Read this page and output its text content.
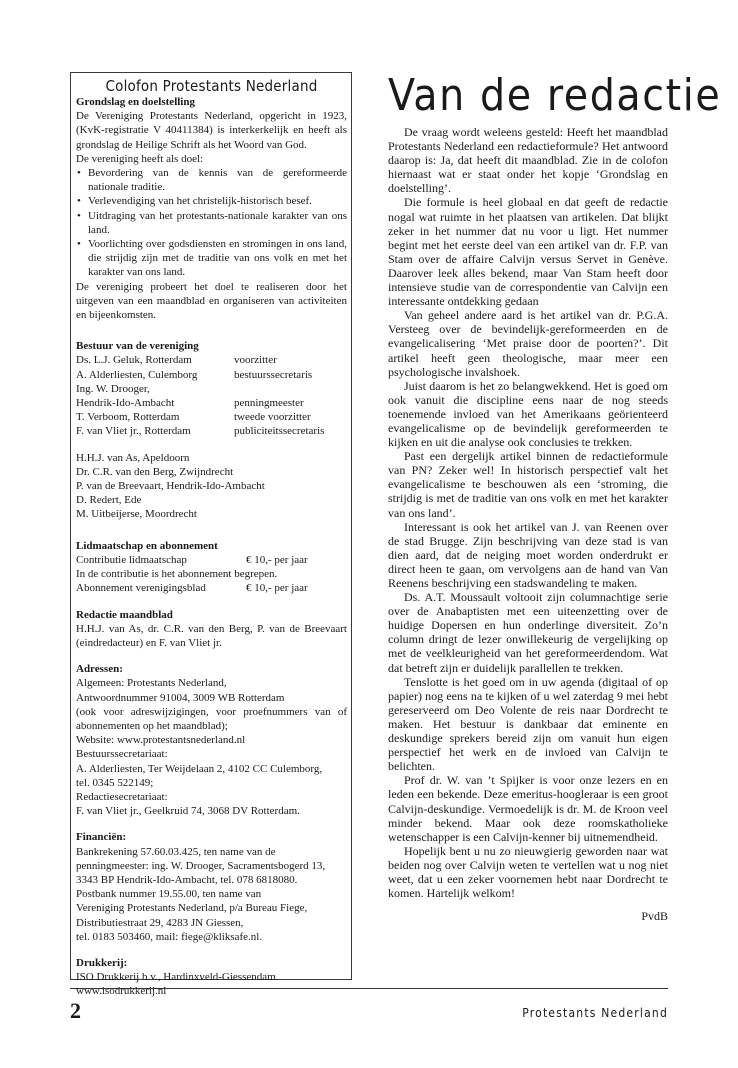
Colofon Protestants Nederland
Grondslag en doelstelling

De Vereniging Protestants Nederland, opgericht in 1923, (KvK-registratie V 40411384) is interkerkelijk en heeft als grondslag de Heilige Schrift als het Woord van God.

De vereniging heeft als doel:

• Bevordering van de kennis van de gereformeerde nationale traditie.
• Verlevendiging van het christelijk-historisch besef.
• Uitdraging van het protestants-nationale karakter van ons land.
• Voorlichting over godsdiensten en stromingen in ons land, die strijdig zijn met de traditie van ons volk en met het karakter van ons land.

De vereniging probeert het doel te realiseren door het uitgeven van een maandblad en organiseren van activiteiten en bijeenkomsten.

Bestuur van de vereniging
Ds. L.J. Geluk, Rotterdam	voorzitter
A. Alderliesten, Culemborg	bestuurssecretaris
Ing. W. Drooger,
Hendrik-Ido-Ambacht	penningmeester
T. Verboom, Rotterdam	tweede voorzitter
F. van Vliet jr., Rotterdam	publiciteitssecretaris
H.H.J. van As, Apeldoorn
Dr. C.R. van den Berg, Zwijndrecht
P. van de Breevaart, Hendrik-Ido-Ambacht
D. Redert, Ede
M. Uitbeijerse, Moordrecht
Lidmaatschap en abonnement
Contributie lidmaatschap	€ 10,- per jaar
In de contributie is het abonnement begrepen.
Abonnement verenigingsblad	€ 10,- per jaar
Redactie maandblad

H.H.J. van As, dr. C.R. van den Berg, P. van de Breevaart (eindredacteur) en F. van Vliet jr.

Adressen:
Algemeen: Protestants Nederland,
Antwoordnummer 91004, 3009 WB Rotterdam

(ook voor adreswijzigingen, voor proefnummers van of abonnementen op het maandblad);

Website: www.protestantsnederland.nl
Bestuurssecretariaat:
A. Alderliesten, Ter Weijdelaan 2, 4102 CC Culemborg,
tel. 0345 522149;
Redactiesecretariaat:
F. van Vliet jr., Geelkruid 74, 3068 DV Rotterdam.
Financiën:
Bankrekening 57.60.03.425, ten name van de
penningmeester: ing. W. Drooger, Sacramentsbogerd 13,
3343 BP Hendrik-Ido-Ambacht, tel. 078 6818080.
Postbank nummer 19.55.00, ten name van
Vereniging Protestants Nederland, p/a Bureau Fiege,
Distributiestraat 29, 4283 JN Giessen,
tel. 0183 503460, mail: fiege@kliksafe.nl.
Drukkerij:
ISO Drukkerij b.v., Hardinxveld-Giessendam.
www.isodrukkerij.nl
Van de redactie

De vraag wordt weleens gesteld: Heeft het maandblad Protestants Nederland een redactieformule? Het antwoord daarop is: Ja, dat heeft dit maandblad. Zie in de colofon hiernaast wat er staat onder het kopje ‘Grondslag en doelstelling’.

Die formule is heel globaal en dat geeft de redactie nogal wat ruimte in het plaatsen van artikelen. Dat blijkt zeker in het nummer dat nu voor u ligt. Het nummer begint met het eerste deel van een artikel van dr. F.P. van Stam over de affaire Calvijn versus Servet in Genève. Daarover leek alles bekend, maar Van Stam heeft door intensieve studie van de correspondentie van Calvijn een interessante ontdekking gedaan

Van geheel andere aard is het artikel van dr. P.G.A. Versteeg over de bevindelijk-gereformeerden en de evangelicalisering ‘Met praise door de poorten?’. Dit artikel heeft geen theologische, maar meer een psychologische invalshoek.

Juist daarom is het zo belangwekkend. Het is goed om ook vanuit die discipline eens naar de nog steeds toenemende invloed van het Amerikaans geörienteerd evangelicalisme op de bevindelijk gereformeerden te kijken en uit die analyse ook conclusies te trekken.

Past een dergelijk artikel binnen de redactieformule van PN? Zeker wel! In historisch perspectief valt het evangelicalisme te beschouwen als een ‘stroming, die strijdig is met de traditie van ons volk en met het karakter van ons land’.

Interessant is ook het artikel van J. van Reenen over de stad Brugge. Zijn beschrijving van deze stad is van dien aard, dat de neiging moet worden onderdrukt er direct heen te gaan, om vervolgens aan de hand van Van Reenens beschrijving een stadswandeling te maken.

Ds. A.T. Moussault voltooit zijn columnachtige serie over de Anabaptisten met een uiteenzetting over de huidige Dopersen en hun onderlinge diversiteit. Zo’n column dringt de lezer onwillekeurig de vergelijking op met de veelkleurigheid van het gereformeerdendom. Wat dat betreft zijn er duidelijk parallellen te trekken.

Tenslotte is het goed om in uw agenda (digitaal of op papier) nog eens na te kijken of u wel zaterdag 9 mei hebt gereserveerd om Deo Volente de reis naar Dordrecht te maken. Het bestuur is dankbaar dat eminente en deskundige sprekers bereid zijn om vanuit hun eigen perspectief het werk en de invloed van Calvijn te belichten.

Prof dr. W. van ’t Spijker is voor onze lezers en en leden een bekende. Deze emeritus-hoogleraar is een groot Calvijn-deskundige. Vermoedelijk is dr. M. de Kroon veel minder bekend. Maar ook deze roomskatholieke wetenschapper is een Calvijn-kenner bij uitnemendheid.

Hopelijk bent u nu zo nieuwgierig geworden naar wat beiden nog over Calvijn weten te vertellen wat u nog niet weet, dat u een zeker voornemen hebt naar Dordrecht te komen. Hartelijk welkom!

PvdB

2	Protestants Nederland
